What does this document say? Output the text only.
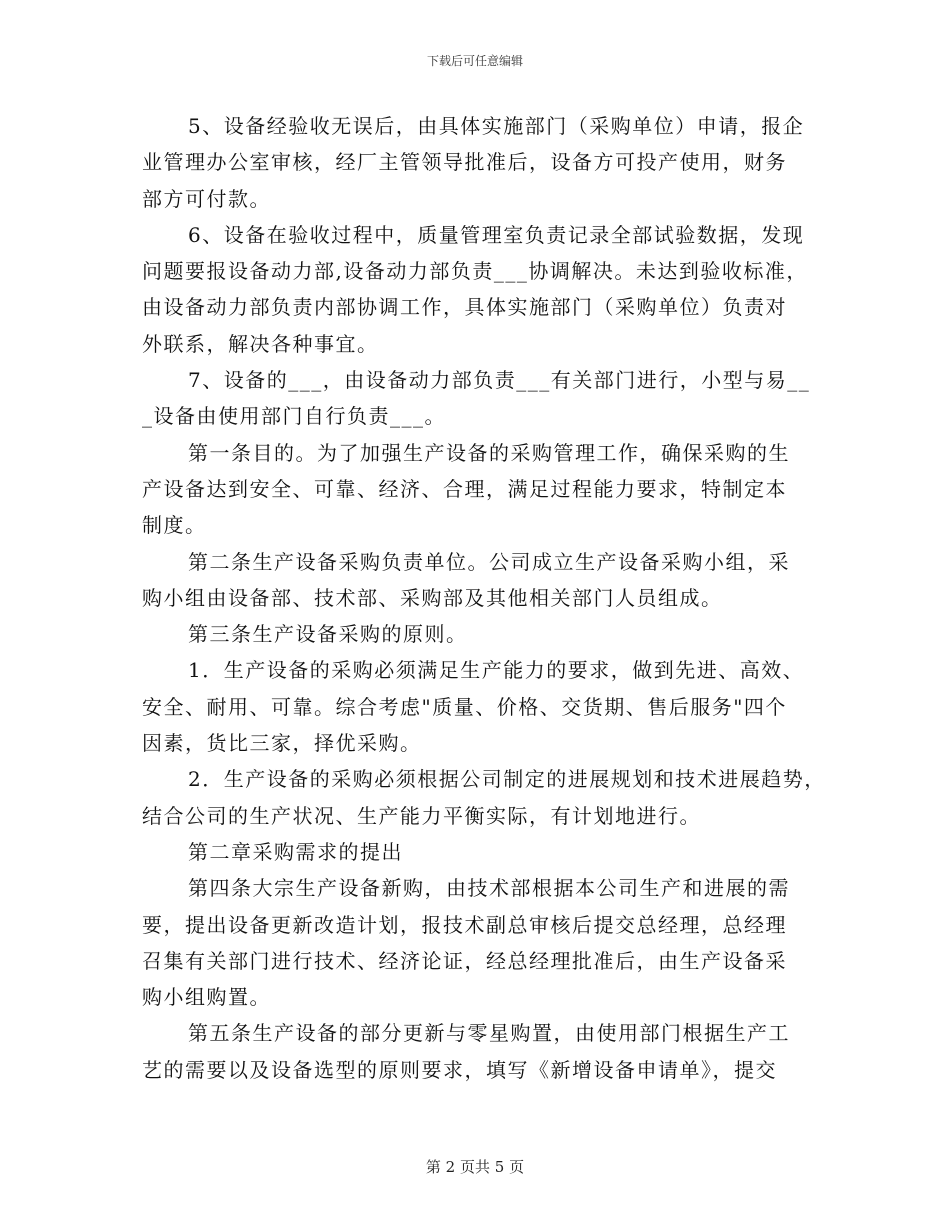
下载后可任意编辑
5、设备经验收无误后，由具体实施部门（采购单位）申请，报企
业管理办公室审核，经厂主管领导批准后，设备方可投产使用，财务
部方可付款。
6、设备在验收过程中，质量管理室负责记录全部试验数据，发现
问题要报设备动力部,设备动力部负责___协调解决。未达到验收标准，
由设备动力部负责内部协调工作，具体实施部门（采购单位）负责对
外联系，解决各种事宜。
7、设备的___，由设备动力部负责___有关部门进行，小型与易__
_设备由使用部门自行负责___。
第一条目的。为了加强生产设备的采购管理工作，确保采购的生
产设备达到安全、可靠、经济、合理，满足过程能力要求，特制定本
制度。
第二条生产设备采购负责单位。公司成立生产设备采购小组，采
购小组由设备部、技术部、采购部及其他相关部门人员组成。
第三条生产设备采购的原则。
1．生产设备的采购必须满足生产能力的要求，做到先进、高效、
安全、耐用、可靠。综合考虑"质量、价格、交货期、售后服务"四个
因素，货比三家，择优采购。
2．生产设备的采购必须根据公司制定的进展规划和技术进展趋势，
结合公司的生产状况、生产能力平衡实际，有计划地进行。
第二章采购需求的提出
第四条大宗生产设备新购，由技术部根据本公司生产和进展的需
要，提出设备更新改造计划，报技术副总审核后提交总经理，总经理
召集有关部门进行技术、经济论证，经总经理批准后，由生产设备采
购小组购置。
第五条生产设备的部分更新与零星购置，由使用部门根据生产工
艺的需要以及设备选型的原则要求，填写《新增设备申请单》，提交
第 2 页共 5 页
